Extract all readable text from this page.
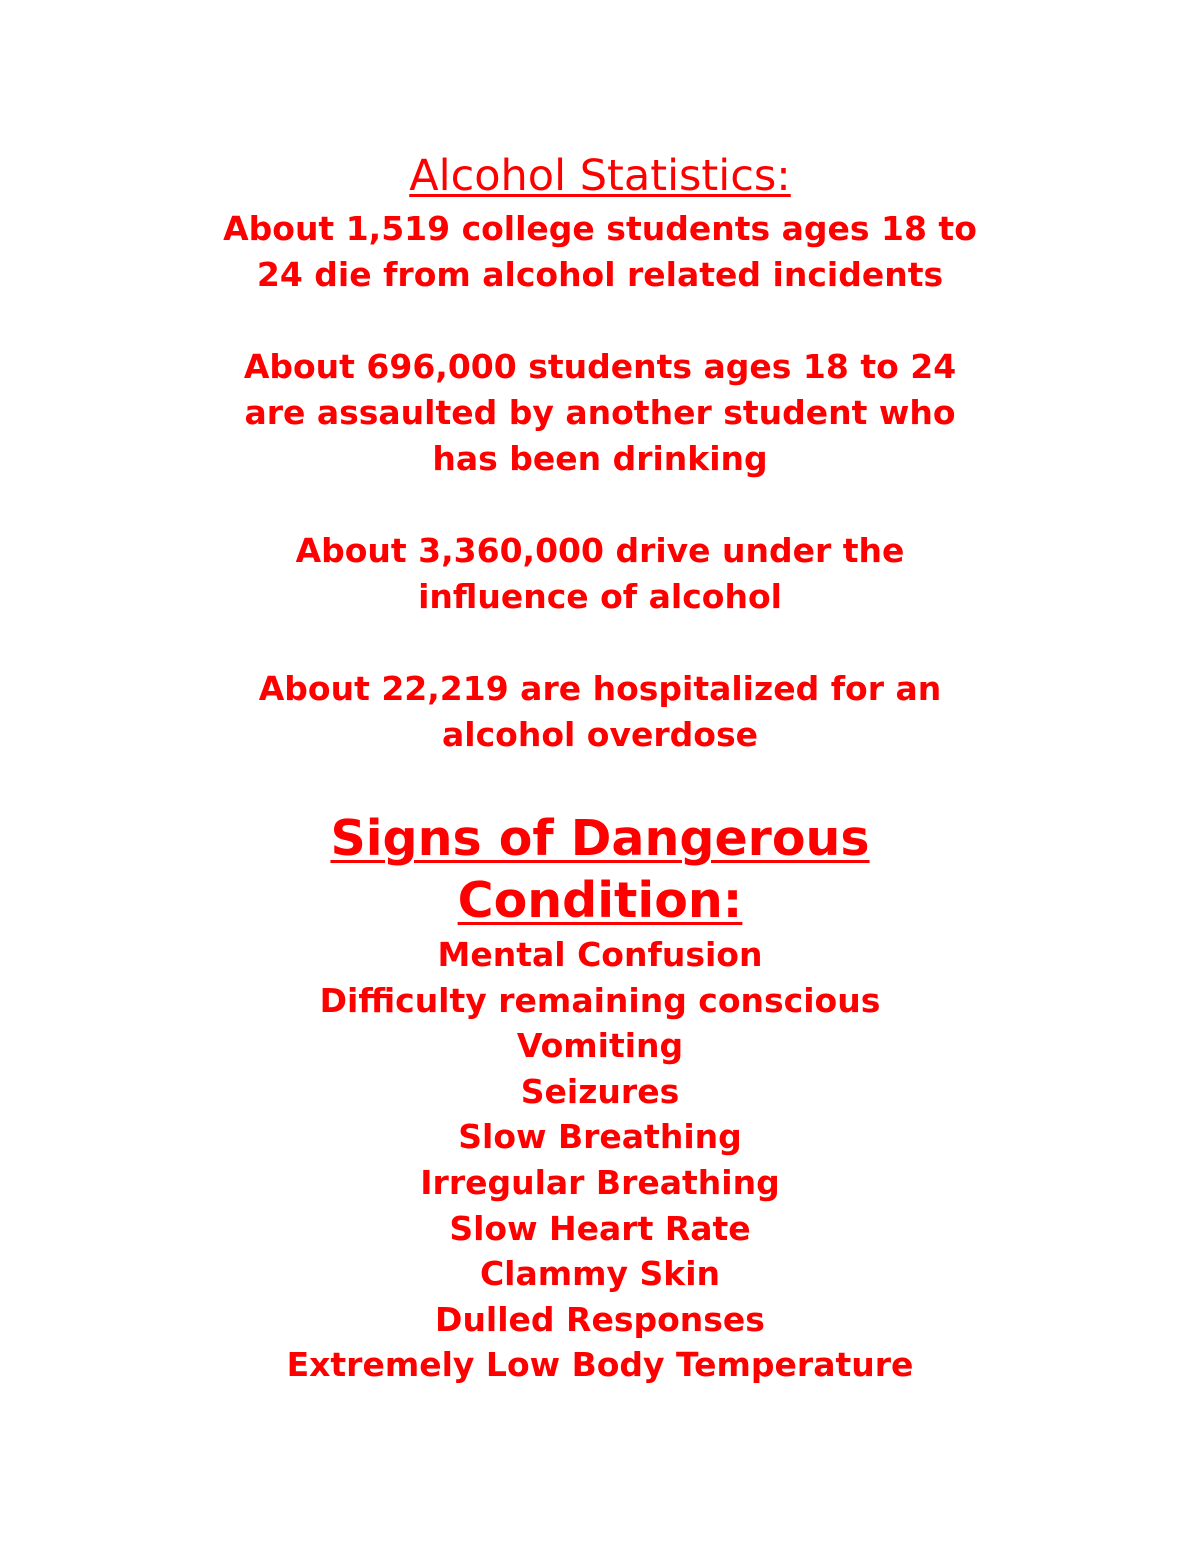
Alcohol Statistics:
About 1,519 college students ages 18 to
24 die from alcohol related incidents
About 696,000 students ages 18 to 24
are assaulted by another student who
has been drinking
About 3,360,000 drive under the
influence of alcohol
About 22,219 are hospitalized for an
alcohol overdose
Signs of Dangerous
Condition:
Mental Confusion
Difficulty remaining conscious
Vomiting
Seizures
Slow Breathing
Irregular Breathing
Slow Heart Rate
Clammy Skin
Dulled Responses
Extremely Low Body Temperature
